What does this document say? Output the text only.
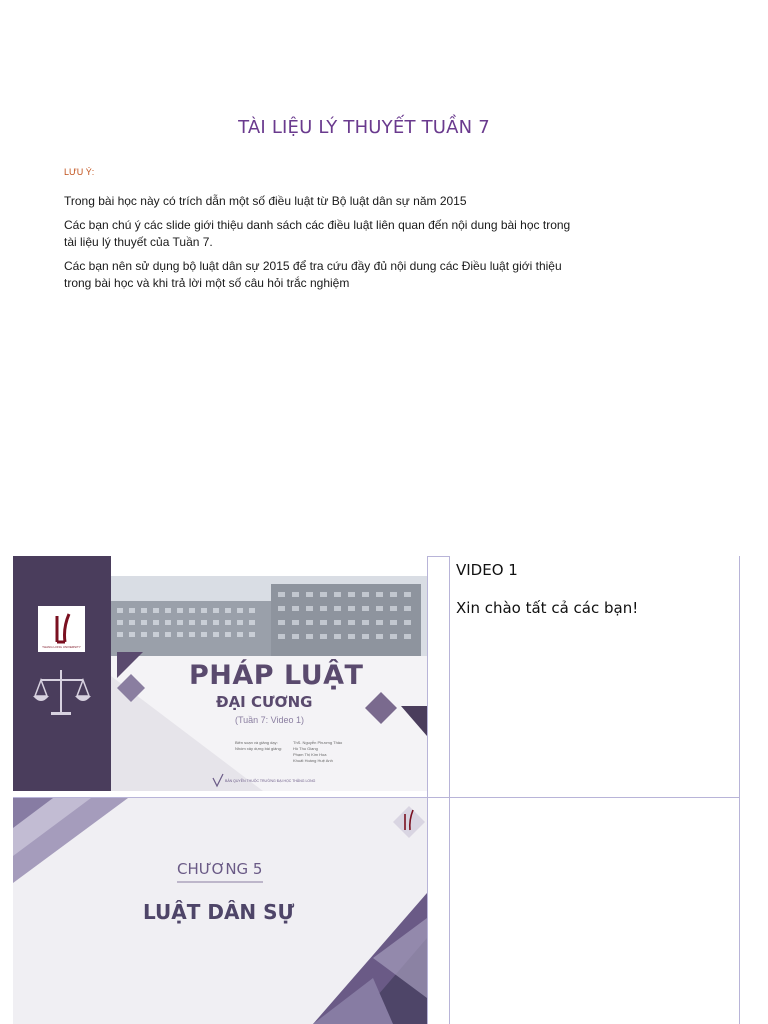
TÀI LIỆU LÝ THUYẾT TUẦN 7
LƯU Ý:
Trong bài học này có trích dẫn một số điều luật từ Bộ luật dân sự năm 2015
Các bạn chú ý các slide giới thiệu danh sách các điều luật liên quan đến nội dung bài học trong tài liệu lý thuyết của Tuần 7.
Các bạn nên sử dụng bộ luật dân sự 2015 để tra cứu đầy đủ nội dung các Điều luật giới thiệu trong bài học và khi trả lời một số câu hỏi trắc nghiệm
THANG LONG UNIVERSITY
PHÁP LUẬT
ĐẠI CƯƠNG
(Tuần 7: Video 1)
Biên soạn và giảng dạy:
Nhóm xây dựng bài giảng:
ThS. Nguyễn Phương Thảo
Hồ Thu Giang
Phạm Thị Kim Hoa
Khuất Hoàng Huệ Anh
BẢN QUYỀN THUỘC TRƯỜNG ĐẠI HỌC THĂNG LONG
CHƯƠNG 5
LUẬT DÂN SỰ
VIDEO 1
Xin chào tất cả các bạn!
